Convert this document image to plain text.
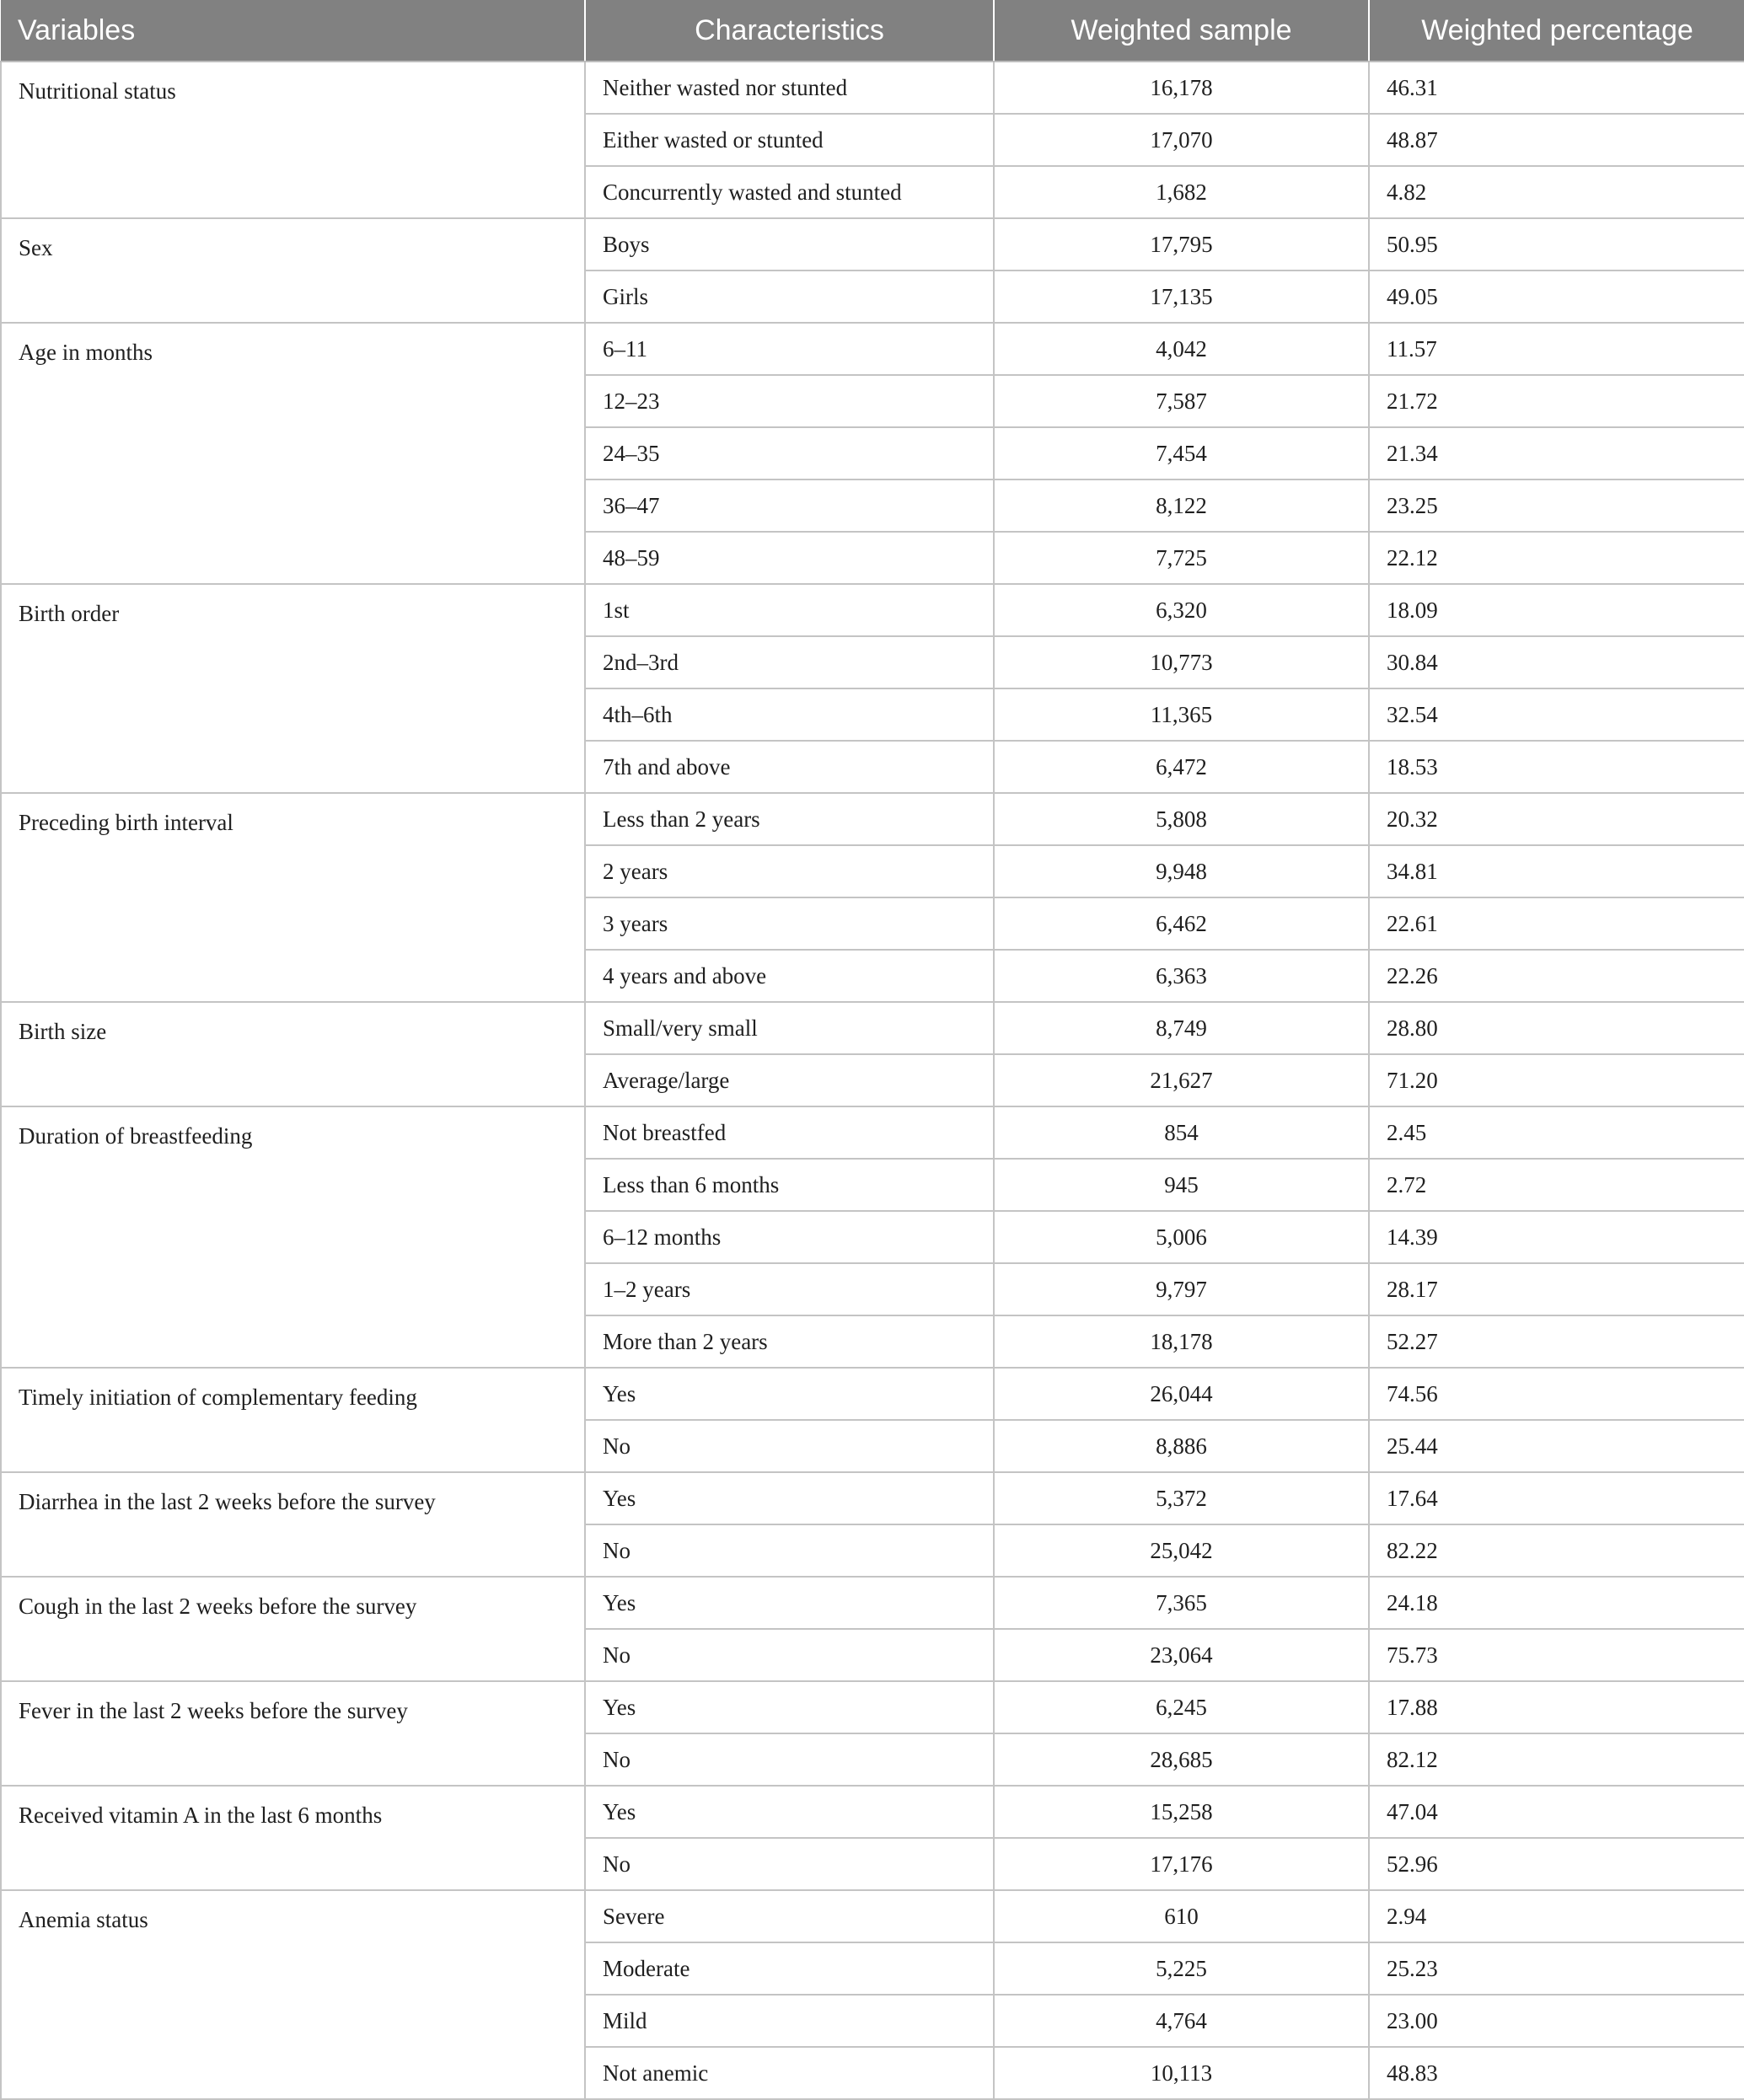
Variables	Characteristics	Weighted sample	Weighted percentage
Nutritional status	Neither wasted nor stunted	16,178	46.31
	Either wasted or stunted	17,070	48.87
	Concurrently wasted and stunted	1,682	4.82
Sex	Boys	17,795	50.95
	Girls	17,135	49.05
Age in months	6–11	4,042	11.57
	12–23	7,587	21.72
	24–35	7,454	21.34
	36–47	8,122	23.25
	48–59	7,725	22.12
Birth order	1st	6,320	18.09
	2nd–3rd	10,773	30.84
	4th–6th	11,365	32.54
	7th and above	6,472	18.53
Preceding birth interval	Less than 2 years	5,808	20.32
	2 years	9,948	34.81
	3 years	6,462	22.61
	4 years and above	6,363	22.26
Birth size	Small/very small	8,749	28.80
	Average/large	21,627	71.20
Duration of breastfeeding	Not breastfed	854	2.45
	Less than 6 months	945	2.72
	6–12 months	5,006	14.39
	1–2 years	9,797	28.17
	More than 2 years	18,178	52.27
Timely initiation of complementary feeding	Yes	26,044	74.56
	No	8,886	25.44
Diarrhea in the last 2 weeks before the survey	Yes	5,372	17.64
	No	25,042	82.22
Cough in the last 2 weeks before the survey	Yes	7,365	24.18
	No	23,064	75.73
Fever in the last 2 weeks before the survey	Yes	6,245	17.88
	No	28,685	82.12
Received vitamin A in the last 6 months	Yes	15,258	47.04
	No	17,176	52.96
Anemia status	Severe	610	2.94
	Moderate	5,225	25.23
	Mild	4,764	23.00
	Not anemic	10,113	48.83
